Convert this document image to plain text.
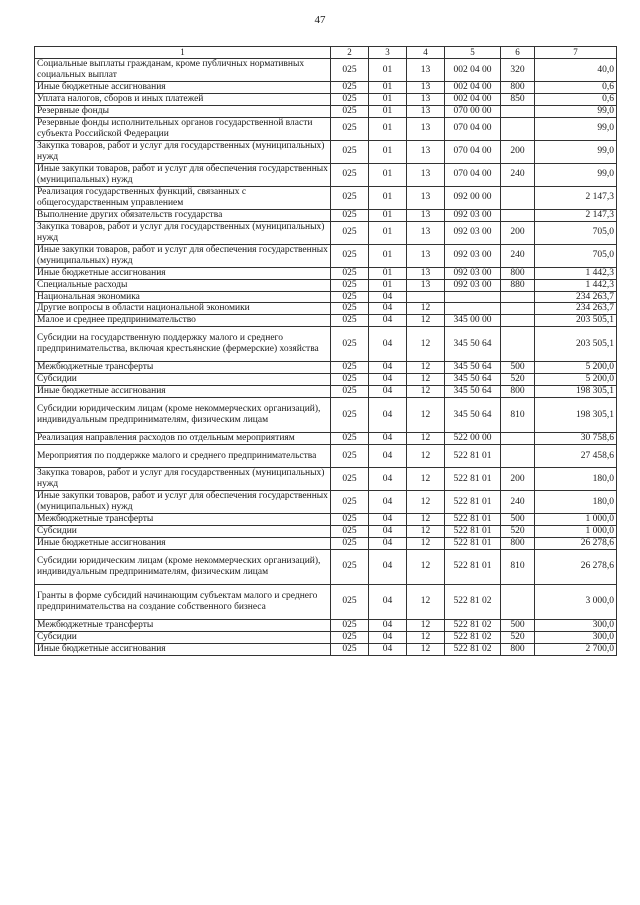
47
1	2	3	4	5	6	7
Социальные выплаты гражданам, кроме публичных нормативных социальных выплат	025	01	13	002 04 00	320	40,0
Иные бюджетные ассигнования	025	01	13	002 04 00	800	0,6
Уплата налогов, сборов и иных платежей	025	01	13	002 04 00	850	0,6
Резервные фонды	025	01	13	070 00 00		99,0
Резервные фонды исполнительных органов государственной власти субъекта Российской Федерации	025	01	13	070 04 00		99,0
Закупка товаров, работ и услуг для государственных (муниципальных) нужд	025	01	13	070 04 00	200	99,0
Иные закупки товаров, работ и услуг для обеспечения государственных (муниципальных) нужд	025	01	13	070 04 00	240	99,0
Реализация государственных функций, связанных с общегосударственным управлением	025	01	13	092 00 00		2 147,3
Выполнение других обязательств государства	025	01	13	092 03 00		2 147,3
Закупка товаров, работ и услуг для государственных (муниципальных) нужд	025	01	13	092 03 00	200	705,0
Иные закупки товаров, работ и услуг для обеспечения государственных (муниципальных) нужд	025	01	13	092 03 00	240	705,0
Иные бюджетные ассигнования	025	01	13	092 03 00	800	1 442,3
Специальные расходы	025	01	13	092 03 00	880	1 442,3
Национальная экономика	025	04				234 263,7
Другие вопросы в области национальной экономики	025	04	12			234 263,7
Малое и среднее предпринимательство	025	04	12	345 00 00		203 505,1
Субсидии на государственную поддержку малого и среднего предпринимательства, включая крестьянские (фермерские) хозяйства	025	04	12	345 50 64		203 505,1
Межбюджетные трансферты	025	04	12	345 50 64	500	5 200,0
Субсидии	025	04	12	345 50 64	520	5 200,0
Иные бюджетные ассигнования	025	04	12	345 50 64	800	198 305,1
Субсидии юридическим лицам (кроме некоммерческих организаций), индивидуальным предпринимателям, физическим лицам	025	04	12	345 50 64	810	198 305,1
Реализация направления расходов по отдельным мероприятиям	025	04	12	522 00 00		30 758,6
Мероприятия по поддержке малого и среднего предпринимательства	025	04	12	522 81 01		27 458,6
Закупка товаров, работ и услуг для государственных (муниципальных) нужд	025	04	12	522 81 01	200	180,0
Иные закупки товаров, работ и услуг для обеспечения государственных (муниципальных) нужд	025	04	12	522 81 01	240	180,0
Межбюджетные трансферты	025	04	12	522 81 01	500	1 000,0
Субсидии	025	04	12	522 81 01	520	1 000,0
Иные бюджетные ассигнования	025	04	12	522 81 01	800	26 278,6
Субсидии юридическим лицам (кроме некоммерческих организаций), индивидуальным предпринимателям, физическим лицам	025	04	12	522 81 01	810	26 278,6
Гранты в форме субсидий начинающим субъектам малого и среднего предпринимательства на создание собственного бизнеса	025	04	12	522 81 02		3 000,0
Межбюджетные трансферты	025	04	12	522 81 02	500	300,0
Субсидии	025	04	12	522 81 02	520	300,0
Иные бюджетные ассигнования	025	04	12	522 81 02	800	2 700,0
